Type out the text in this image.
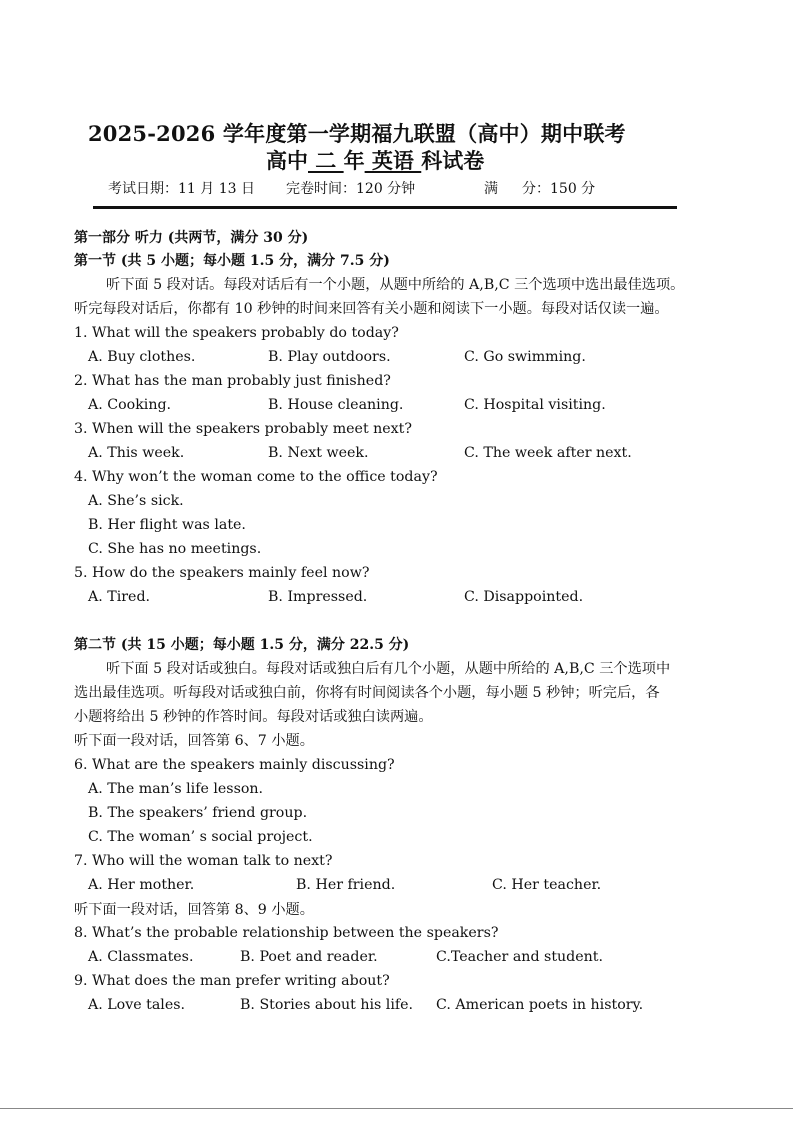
2025-2026 学年度第一学期福九联盟（高中）期中联考
高中 二 年 英语 科试卷
考试日期：11 月 13 日 完卷时间：120 分钟	满 分：150 分
第一部分 听力 (共两节，满分 30 分)
第一节 (共 5 小题；每小题 1.5 分，满分 7.5 分)
听下面 5 段对话。每段对话后有一个小题，从题中所给的 A,B,C 三个选项中选出最佳选项。
听完每段对话后，你都有 10 秒钟的时间来回答有关小题和阅读下一小题。每段对话仅读一遍。
1. What will the speakers probably do today?
A. Buy clothes.	B. Play outdoors.	C. Go swimming.
2. What has the man probably just finished?
A. Cooking.	B. House cleaning.	C. Hospital visiting.
3. When will the speakers probably meet next?
A. This week.	B. Next week.	C. The week after next.
4. Why won’t the woman come to the office today?
A. She’s sick.
B. Her flight was late.
C. She has no meetings.
5. How do the speakers mainly feel now?
A. Tired.	B. Impressed.	C. Disappointed.
第二节 (共 15 小题；每小题 1.5 分，满分 22.5 分)
听下面 5 段对话或独白。每段对话或独白后有几个小题，从题中所给的 A,B,C 三个选项中
选出最佳选项。听每段对话或独白前，你将有时间阅读各个小题，每小题 5 秒钟；听完后，各
小题将给出 5 秒钟的作答时间。每段对话或独白读两遍。
听下面一段对话，回答第 6、7 小题。
6. What are the speakers mainly discussing?
A. The man’s life lesson.
B. The speakers’ friend group.
C. The woman’ s social project.
7. Who will the woman talk to next?
A. Her mother.	B. Her friend.	C. Her teacher.
听下面一段对话，回答第 8、9 小题。
8. What’s the probable relationship between the speakers?
A. Classmates.	B. Poet and reader.	C.Teacher and student.
9. What does the man prefer writing about?
A. Love tales.	B. Stories about his life. C. American poets in history.
